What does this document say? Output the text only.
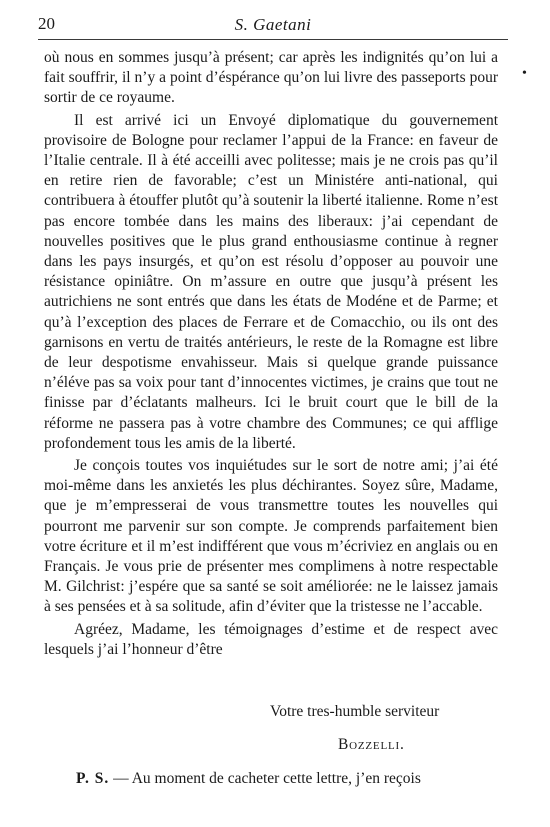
20	S. Gaetani
•

où nous en sommes jusqu’à présent; car après les indignités qu’on lui a fait souffrir, il n’y a point d’éspérance qu’on lui livre des passeports pour sortir de ce royaume.

Il est arrivé ici un Envoyé diplomatique du gouvernement provisoire de Bologne pour reclamer l’appui de la France: en faveur de l’Italie centrale. Il à été acceilli avec politesse; mais je ne crois pas qu’il en retire rien de favorable; c’est un Ministére anti-national, qui contribuera à étouffer plutôt qu’à soutenir la liberté italienne. Rome n’est pas encore tombée dans les mains des liberaux: j’ai cependant de nouvelles positives que le plus grand enthousiasme continue à regner dans les pays insurgés, et qu’on est résolu d’opposer au pouvoir une résistance opiniâtre. On m’assure en outre que jusqu’à présent les autrichiens ne sont entrés que dans les états de Modéne et de Parme; et qu’à l’exception des places de Ferrare et de Comacchio, ou ils ont des garnisons en vertu de traités antérieurs, le reste de la Romagne est libre de leur despotisme envahisseur. Mais si quelque grande puissance n’éléve pas sa voix pour tant d’innocentes victimes, je crains que tout ne finisse par d’éclatants malheurs. Ici le bruit court que le bill de la réforme ne passera pas à votre chambre des Communes; ce qui afflige profondement tous les amis de la liberté.

Je conçois toutes vos inquiétudes sur le sort de notre ami; j’ai été moi-même dans les anxietés les plus déchirantes. Soyez sûre, Madame, que je m’empresserai de vous transmettre toutes les nouvelles qui pourront me parvenir sur son compte. Je comprends parfaitement bien votre écriture et il m’est indifférent que vous m’écriviez en anglais ou en Français. Je vous prie de présenter mes complimens à notre respectable M. Gilchrist: j’espére que sa santé se soit améliorée: ne le laissez jamais à ses pensées et à sa solitude, afin d’éviter que la tristesse ne l’accable.

Agréez, Madame, les témoignages d’estime et de respect avec lesquels j’ai l’honneur d’être

Votre tres-humble serviteur
Bozzelli.
P. S. — Au moment de cacheter cette lettre, j’en reçois
